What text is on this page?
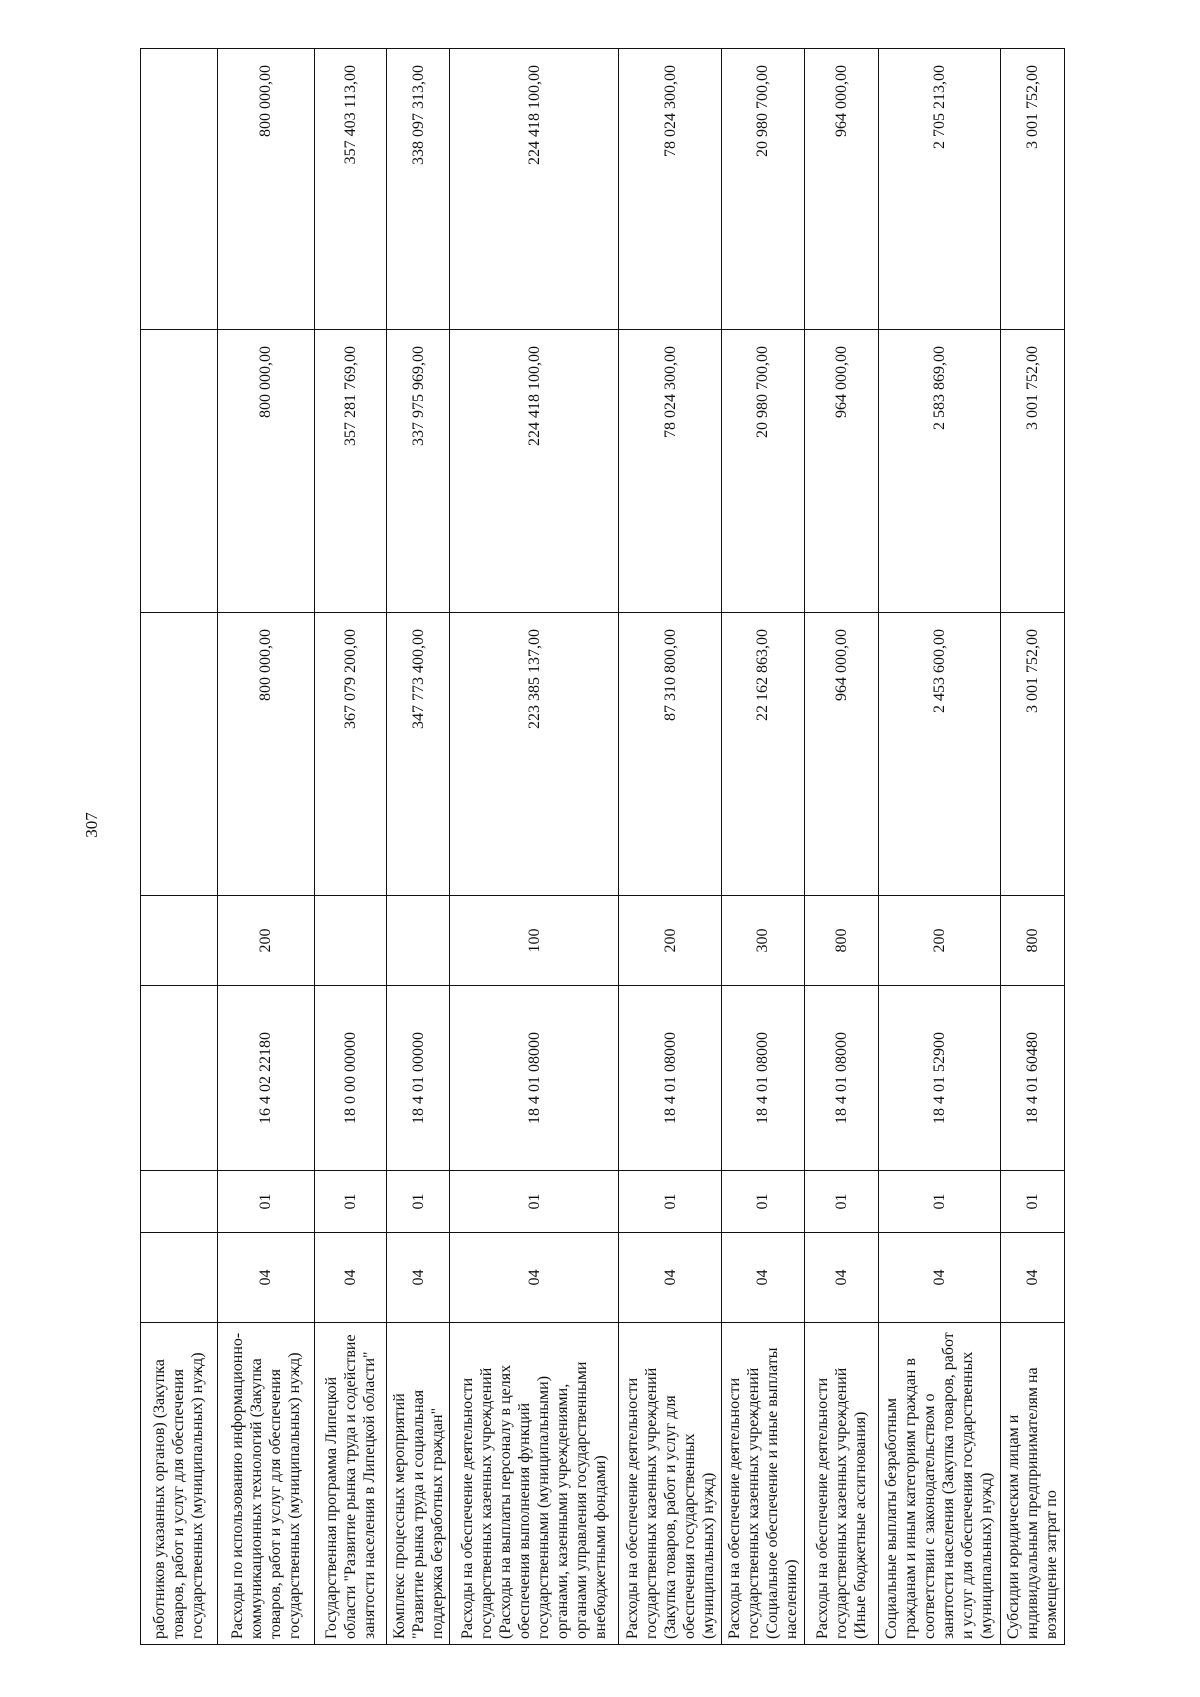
307
работников указанных органов) (Закупка товаров, работ и услуг для обеспечения государственных (муниципальных) нужд)							
Расходы по использованию информационно-коммуникационных технологий (Закупка товаров, работ и услуг для обеспечения государственных (муниципальных) нужд)	04	01	16 4 02 22180	200	800 000,00	800 000,00	800 000,00
Государственная программа Липецкой области "Развитие рынка труда и содействие занятости населения в Липецкой области"	04	01	18 0 00 00000		367 079 200,00	357 281 769,00	357 403 113,00
Комплекс процессных мероприятий "Развитие рынка труда и социальная поддержка безработных граждан"	04	01	18 4 01 00000		347 773 400,00	337 975 969,00	338 097 313,00
Расходы на обеспечение деятельности государственных казенных учреждений (Расходы на выплаты персоналу в целях обеспечения выполнения функций государственными (муниципальными) органами, казенными учреждениями, органами управления государственными внебюджетными фондами)	04	01	18 4 01 08000	100	223 385 137,00	224 418 100,00	224 418 100,00
Расходы на обеспечение деятельности государственных казенных учреждений (Закупка товаров, работ и услуг для обеспечения государственных (муниципальных) нужд)	04	01	18 4 01 08000	200	87 310 800,00	78 024 300,00	78 024 300,00
Расходы на обеспечение деятельности государственных казенных учреждений (Социальное обеспечение и иные выплаты населению)	04	01	18 4 01 08000	300	22 162 863,00	20 980 700,00	20 980 700,00
Расходы на обеспечение деятельности государственных казенных учреждений (Иные бюджетные ассигнования)	04	01	18 4 01 08000	800	964 000,00	964 000,00	964 000,00
Социальные выплаты безработным гражданам и иным категориям граждан в соответствии с законодательством о занятости населения (Закупка товаров, работ и услуг для обеспечения государственных (муниципальных) нужд)	04	01	18 4 01 52900	200	2 453 600,00	2 583 869,00	2 705 213,00
Субсидии юридическим лицам и индивидуальным предпринимателям на возмещение затрат по	04	01	18 4 01 60480	800	3 001 752,00	3 001 752,00	3 001 752,00
